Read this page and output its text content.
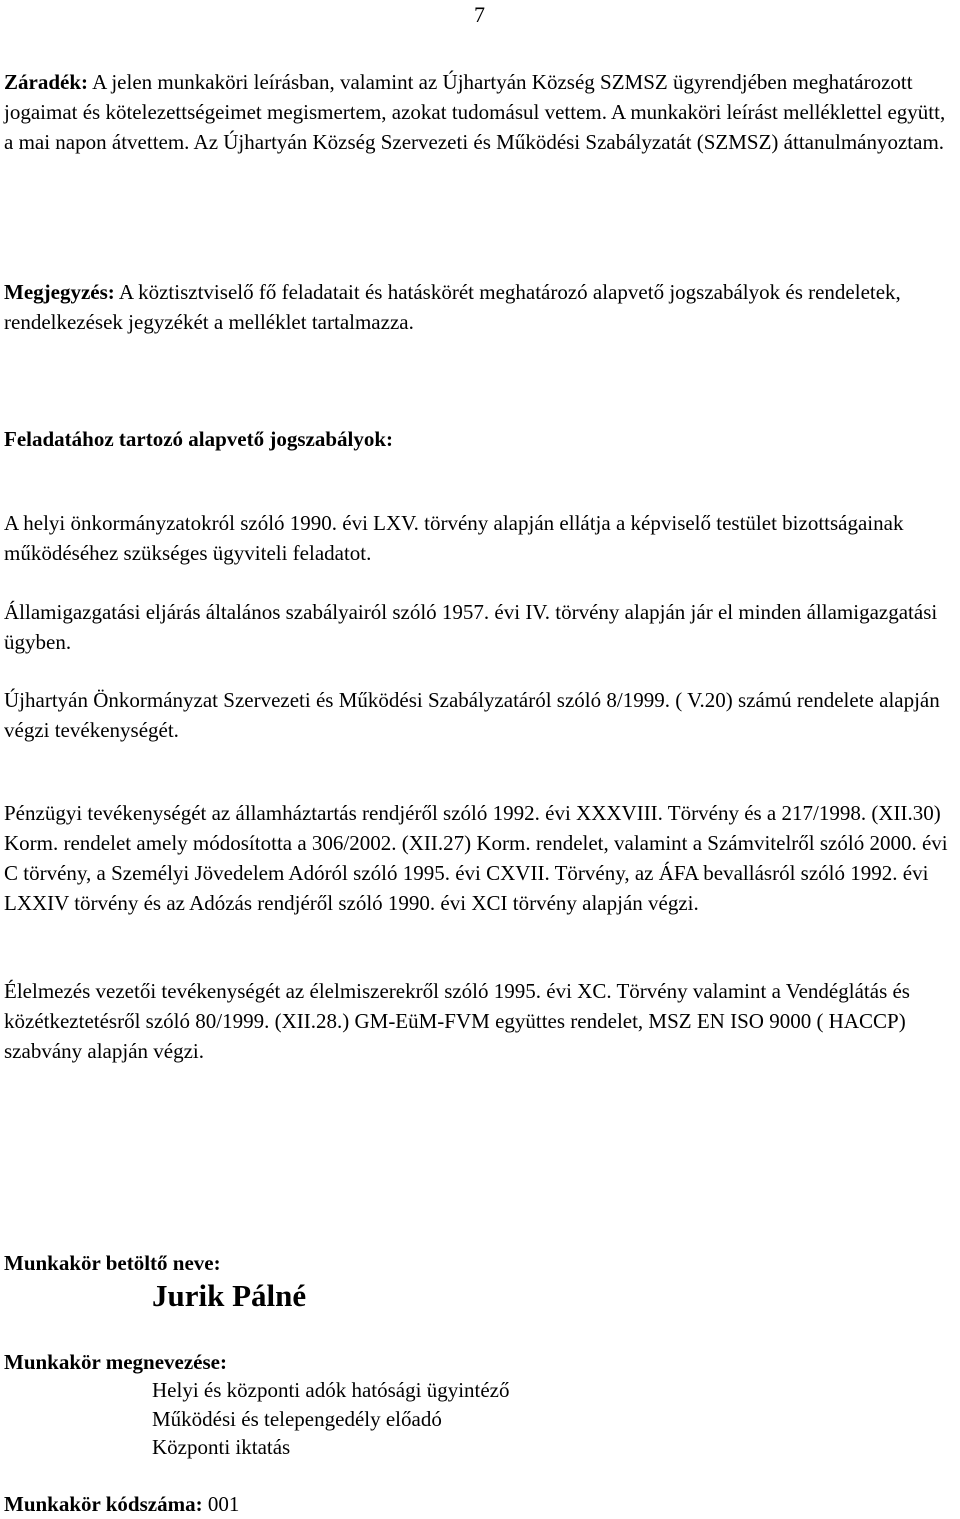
7

Záradék: A jelen munkaköri leírásban, valamint az Újhartyán Község SZMSZ ügyrendjében meghatározott jogaimat és kötelezettségeimet megismertem, azokat tudomásul vettem. A munkaköri leírást melléklettel együtt, a mai napon átvettem. Az Újhartyán Község Szervezeti és Működési Szabályzatát (SZMSZ) áttanulmányoztam.

Megjegyzés: A köztisztviselő fő feladatait és hatáskörét meghatározó alapvető jogszabályok és rendeletek, rendelkezések jegyzékét a melléklet tartalmazza.

Feladatához tartozó alapvető jogszabályok:

A helyi önkormányzatokról szóló 1990. évi LXV. törvény alapján ellátja a képviselő testület bizottságainak működéséhez szükséges ügyviteli feladatot.

Államigazgatási eljárás általános szabályairól szóló 1957. évi IV. törvény alapján jár el minden államigazgatási ügyben.

Újhartyán Önkormányzat Szervezeti és Működési Szabályzatáról szóló 8/1999. ( V.20) számú rendelete alapján végzi tevékenységét.

Pénzügyi tevékenységét az államháztartás rendjéről szóló 1992. évi XXXVIII. Törvény és a 217/1998. (XII.30) Korm. rendelet amely módosította a 306/2002. (XII.27) Korm. rendelet, valamint a Számvitelről szóló 2000. évi C törvény, a Személyi Jövedelem Adóról szóló 1995. évi CXVII. Törvény, az ÁFA bevallásról szóló 1992. évi LXXIV törvény és az Adózás rendjéről szóló 1990. évi XCI törvény alapján végzi.

Élelmezés vezetői tevékenységét az élelmiszerekről szóló 1995. évi XC. Törvény valamint a Vendéglátás és közétkeztetésről szóló 80/1999. (XII.28.) GM-EüM-FVM együttes rendelet, MSZ EN ISO 9000 ( HACCP) szabvány alapján végzi.

Munkakör betöltő neve:
Jurik Pálné
Munkakör megnevezése:
Helyi és központi adók hatósági ügyintéző
Működési és telepengedély előadó
Központi iktatás
Munkakör kódszáma: 001
